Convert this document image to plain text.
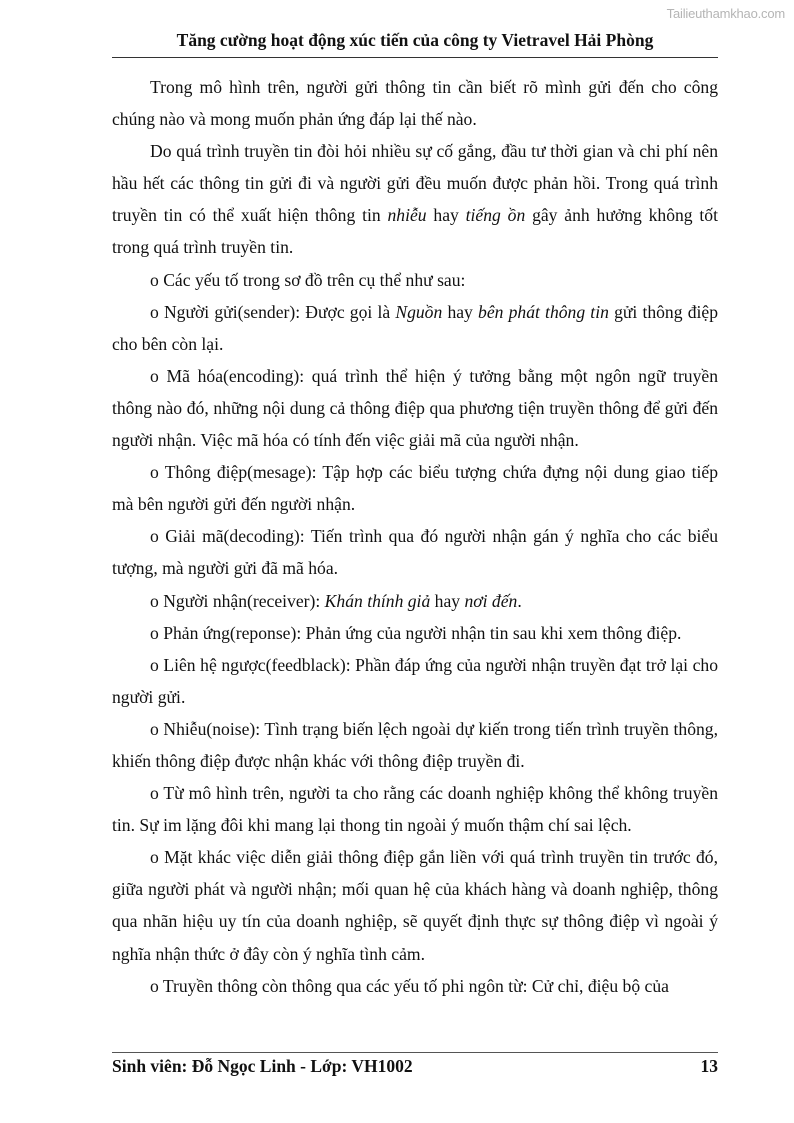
Tailieuthamkhao.com
Tăng cường hoạt động xúc tiến của công ty Vietravel Hải Phòng

Trong mô hình trên, người gửi thông tin cần biết rõ mình gửi đến cho công chúng nào và mong muốn phản ứng đáp lại thế nào.

Do quá trình truyền tin đòi hỏi nhiều sự cố gắng, đầu tư thời gian và chi phí nên hầu hết các thông tin gửi đi và người gửi đều muốn được phản hồi. Trong quá trình truyền tin có thể xuất hiện thông tin nhiễu hay tiếng ồn gây ảnh hưởng không tốt trong quá trình truyền tin.

o Các yếu tố trong sơ đồ trên cụ thể như sau:

o Người gửi(sender): Được gọi là Nguồn hay bên phát thông tin gửi thông điệp cho bên còn lại.

o Mã hóa(encoding): quá trình thể hiện ý tưởng bằng một ngôn ngữ truyền thông nào đó, những nội dung cả thông điệp qua phương tiện truyền thông để gửi đến người nhận. Việc mã hóa có tính đến việc giải mã của người nhận.

o Thông điệp(mesage): Tập hợp các biểu tượng chứa đựng nội dung giao tiếp mà bên người gửi đến người nhận.

o Giải mã(decoding): Tiến trình qua đó người nhận gán ý nghĩa cho các biểu tượng, mà người gửi đã mã hóa.

o Người nhận(receiver): Khán thính giả hay nơi đến.

o Phản ứng(reponse): Phản ứng của người nhận tin sau khi xem thông điệp.

o Liên hệ ngược(feedblack): Phần đáp ứng của người nhận truyền đạt trở lại cho người gửi.

o Nhiễu(noise): Tình trạng biến lệch ngoài dự kiến trong tiến trình truyền thông, khiến thông điệp được nhận khác với thông điệp truyền đi.

o Từ mô hình trên, người ta cho rằng các doanh nghiệp không thể không truyền tin. Sự im lặng đôi khi mang lại thong tin ngoài ý muốn thậm chí sai lệch.

o Mặt khác việc diễn giải thông điệp gắn liền với quá trình truyền tin trước đó, giữa người phát và người nhận; mối quan hệ của khách hàng và doanh nghiệp, thông qua nhãn hiệu uy tín của doanh nghiệp, sẽ quyết định thực sự thông điệp vì ngoài ý nghĩa nhận thức ở đây còn ý nghĩa tình cảm.

o Truyền thông còn thông qua các yếu tố phi ngôn từ: Cử chỉ, điệu bộ của

Sinh viên: Đỗ Ngọc Linh - Lớp: VH1002	13
